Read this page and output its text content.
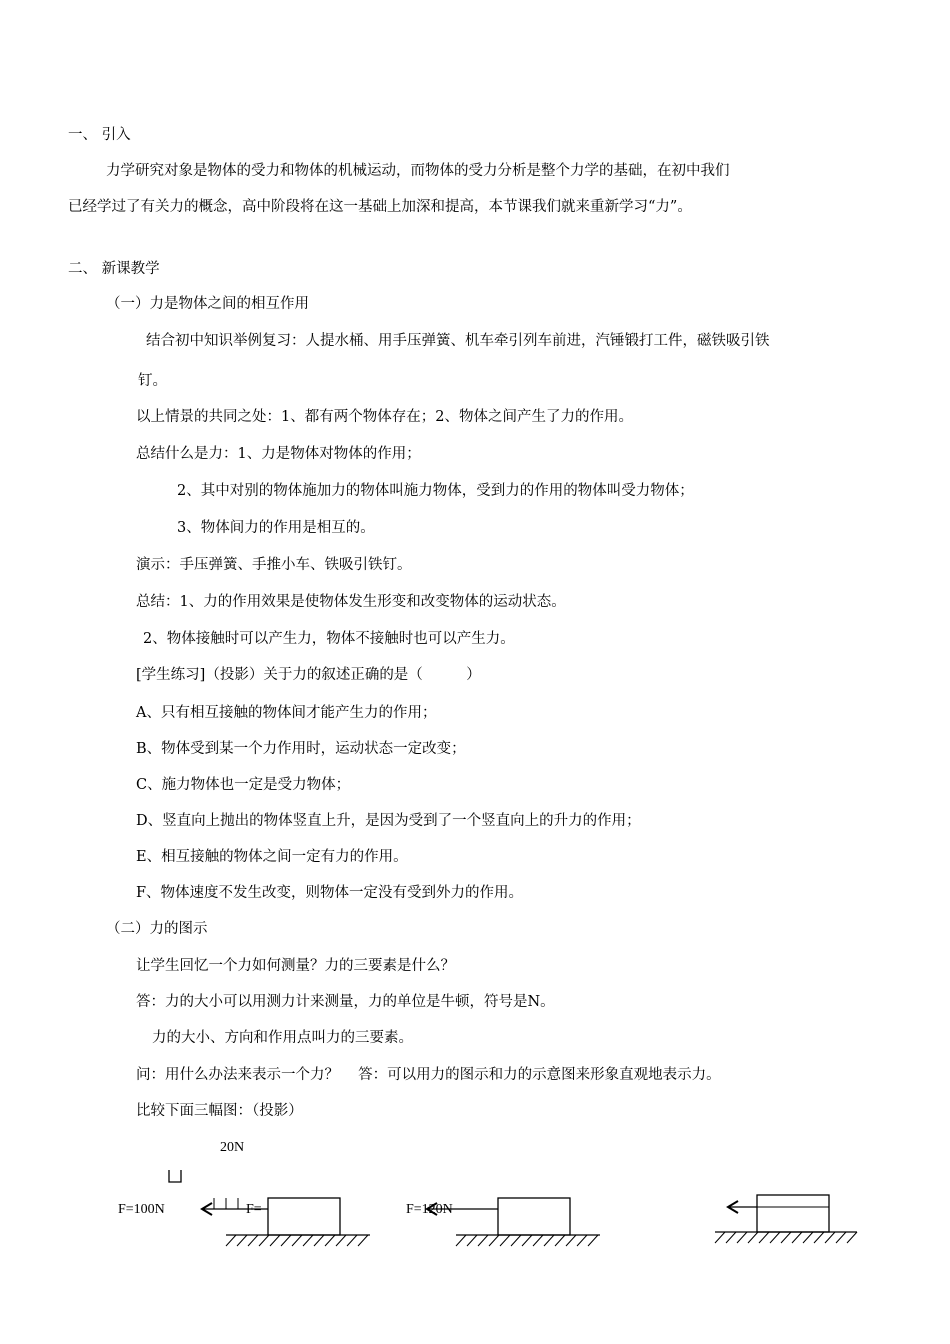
一、 引入
力学研究对象是物体的受力和物体的机械运动，而物体的受力分析是整个力学的基础，在初中我们
已经学过了有关力的概念，高中阶段将在这一基础上加深和提高，本节课我们就来重新学习“力”。
二、 新课教学
（一）力是物体之间的相互作用
结合初中知识举例复习：人提水桶、用手压弹簧、机车牵引列车前进，汽锤锻打工件，磁铁吸引铁
钉。
以上情景的共同之处：1、都有两个物体存在；2、物体之间产生了力的作用。
总结什么是力：1、力是物体对物体的作用；
2、其中对别的物体施加力的物体叫施力物体，受到力的作用的物体叫受力物体；
3、物体间力的作用是相互的。
演示：手压弹簧、手推小车、铁吸引铁钉。
总结：1、力的作用效果是使物体发生形变和改变物体的运动状态。
2、物体接触时可以产生力，物体不接触时也可以产生力。
[学生练习]（投影）关于力的叙述正确的是（　　　）
A、只有相互接触的物体间才能产生力的作用；
B、物体受到某一个力作用时，运动状态一定改变；
C、施力物体也一定是受力物体；
D、竖直向上抛出的物体竖直上升，是因为受到了一个竖直向上的升力的作用；
E、相互接触的物体之间一定有力的作用。
F、物体速度不发生改变，则物体一定没有受到外力的作用。
（二）力的图示
让学生回忆一个力如何测量？力的三要素是什么？
答：力的大小可以用测力计来测量，力的单位是牛顿，符号是N。
力的大小、方向和作用点叫力的三要素。
问：用什么办法来表示一个力？　 答：可以用力的图示和力的示意图来形象直观地表示力。
比较下面三幅图：（投影）
20N
F=100N	F=	F=120N
